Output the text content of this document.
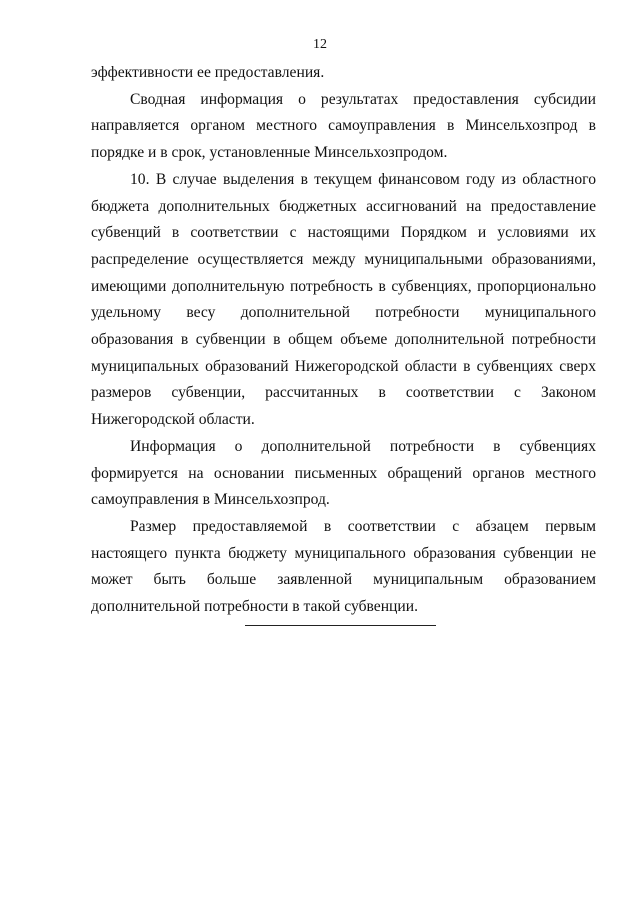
12

эффективности ее предоставления.

Сводная информация о результатах предоставления субсидии направляется органом местного самоуправления в Минсельхозпрод в порядке и в срок, установленные Минсельхозпродом.

10. В случае выделения в текущем финансовом году из областного бюджета дополнительных бюджетных ассигнований на предоставление субвенций в соответствии с настоящими Порядком и условиями их распределение осуществляется между муниципальными образованиями, имеющими дополнительную потребность в субвенциях, пропорционально удельному весу дополнительной потребности муниципального образования в субвенции в общем объеме дополнительной потребности муниципальных образований Нижегородской области в субвенциях сверх размеров субвенции, рассчитанных в соответствии с Законом Нижегородской области.

Информация о дополнительной потребности в субвенциях формируется на основании письменных обращений органов местного самоуправления в Минсельхозпрод.

Размер предоставляемой в соответствии с абзацем первым настоящего пункта бюджету муниципального образования субвенции не может быть больше заявленной муниципальным образованием дополнительной потребности в такой субвенции.
